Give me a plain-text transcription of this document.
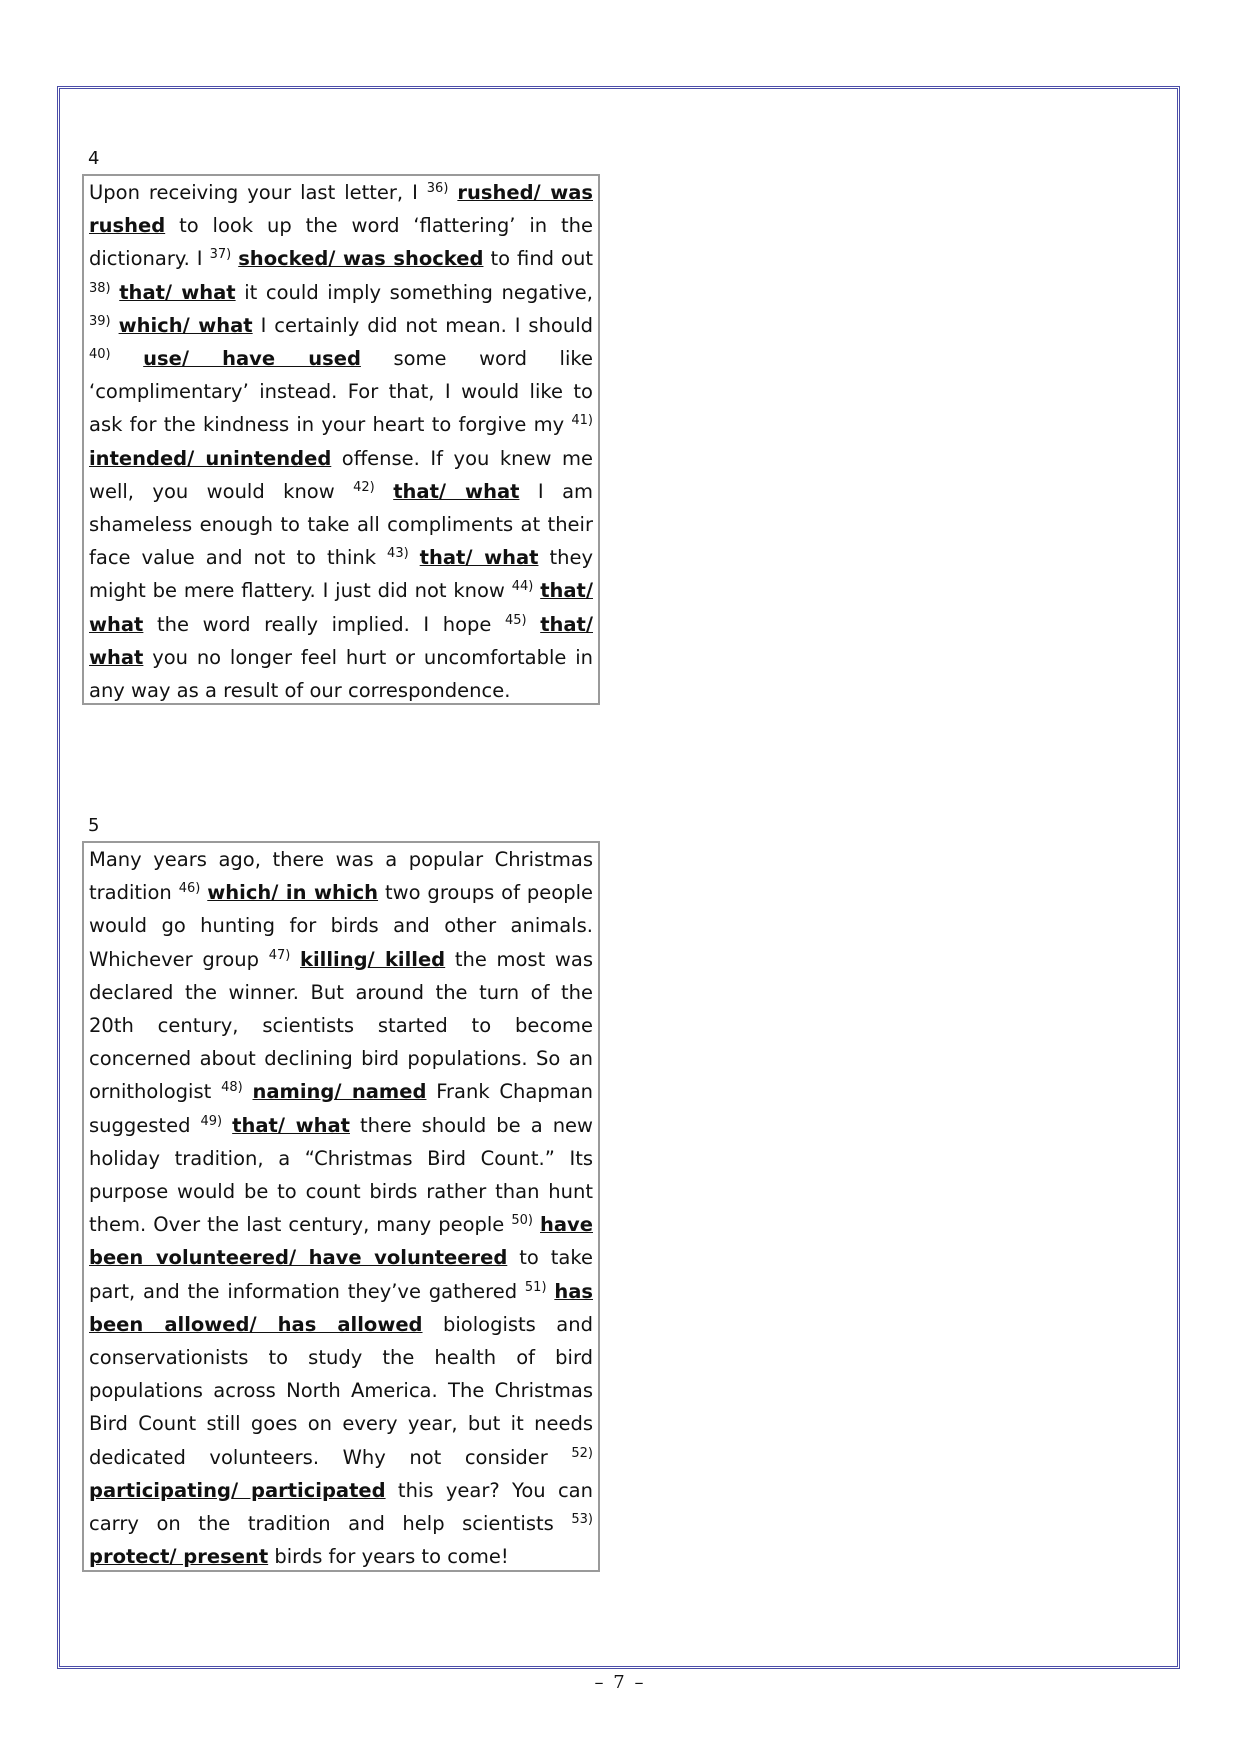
4
Upon receiving your last letter, I $^{36)}$ rushed/ was rushed to look up the word ‘flattering’ in the dictionary. I $^{37)}$ shocked/ was shocked to find out $^{38)}$ that/ what it could imply something negative, $^{39)}$ which/ what I certainly did not mean. I should $^{40)}$ use/ have used some word like ‘complimentary’ instead. For that, I would like to ask for the kindness in your heart to forgive my $^{41)}$ intended/ unintended offense. If you knew me well, you would know $^{42)}$ that/ what I am shameless enough to take all compliments at their face value and not to think $^{43)}$ that/ what they might be mere flattery. I just did not know $^{44)}$ that/ what the word really implied. I hope $^{45)}$ that/ what you no longer feel hurt or uncomfortable in any way as a result of our correspondence.
5
Many years ago, there was a popular Christmas tradition $^{46)}$ which/ in which two groups of people would go hunting for birds and other animals. Whichever group $^{47)}$ killing/ killed the most was declared the winner. But around the turn of the 20th century, scientists started to become concerned about declining bird populations. So an ornithologist $^{48)}$ naming/ named Frank Chapman suggested $^{49)}$ that/ what there should be a new holiday tradition, a “Christmas Bird Count.” Its purpose would be to count birds rather than hunt them. Over the last century, many people $^{50)}$ have been volunteered/ have volunteered to take part, and the information they’ve gathered $^{51)}$ has been allowed/ has allowed biologists and conservationists to study the health of bird populations across North America. The Christmas Bird Count still goes on every year, but it needs dedicated volunteers. Why not consider $^{52)}$ participating/ participated this year? You can carry on the tradition and help scientists $^{53)}$ protect/ present birds for years to come!
– 7 –
